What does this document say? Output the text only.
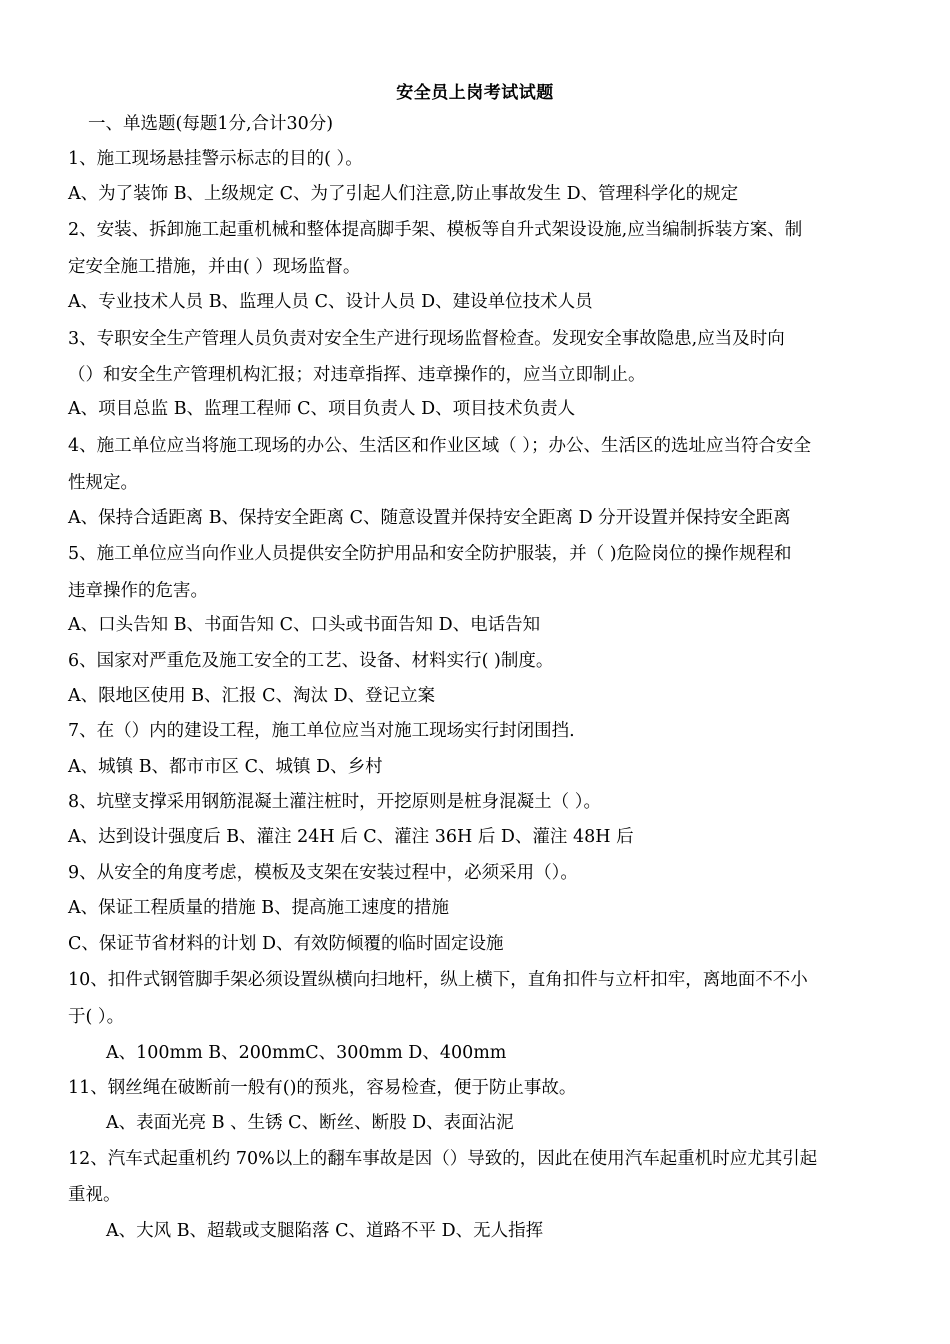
安全员上岗考试试题
一、单选题(每题1分,合计30分)
1、施工现场悬挂警示标志的目的( ）。
A、为了装饰 B、上级规定 C、为了引起人们注意,防止事故发生 D、管理科学化的规定
2、安装、拆卸施工起重机械和整体提高脚手架、模板等自升式架设设施,应当编制拆装方案、制
定安全施工措施，并由( ）现场监督。
A、专业技术人员 B、监理人员 C、设计人员 D、建设单位技术人员
3、专职安全生产管理人员负责对安全生产进行现场监督检查。发现安全事故隐患,应当及时向
（）和安全生产管理机构汇报；对违章指挥、违章操作的，应当立即制止。
A、项目总监 B、监理工程师 C、项目负责人 D、项目技术负责人
4、施工单位应当将施工现场的办公、生活区和作业区域（ ）；办公、生活区的选址应当符合安全
性规定。
A、保持合适距离 B、保持安全距离 C、随意设置并保持安全距离 D 分开设置并保持安全距离
5、施工单位应当向作业人员提供安全防护用品和安全防护服装，并（ )危险岗位的操作规程和
违章操作的危害。
A、口头告知 B、书面告知 C、口头或书面告知 D、电话告知
6、国家对严重危及施工安全的工艺、设备、材料实行( )制度。
A、限地区使用 B、汇报 C、淘汰 D、登记立案
7、在（）内的建设工程，施工单位应当对施工现场实行封闭围挡.
A、城镇 B、都市市区 C、城镇 D、乡村
8、坑壁支撑采用钢筋混凝土灌注桩时，开挖原则是桩身混凝土（ ）。
A、达到设计强度后 B、灌注 24H 后 C、灌注 36H 后 D、灌注 48H 后
9、从安全的角度考虑，模板及支架在安装过程中，必须采用（）。
A、保证工程质量的措施 B、提高施工速度的措施
C、保证节省材料的计划 D、有效防倾覆的临时固定设施
10、扣件式钢管脚手架必须设置纵横向扫地杆，纵上横下，直角扣件与立杆扣牢，离地面不不小
于( ）。
A、100mm B、200mmC、300mm D、400mm
11、钢丝绳在破断前一般有()的预兆，容易检查，便于防止事故。
A、表面光亮 B 、生锈 C、断丝、断股 D、表面沾泥
12、汽车式起重机约 70%以上的翻车事故是因（）导致的，因此在使用汽车起重机时应尤其引起
重视。
A、大风 B、超载或支腿陷落 C、道路不平 D、无人指挥
